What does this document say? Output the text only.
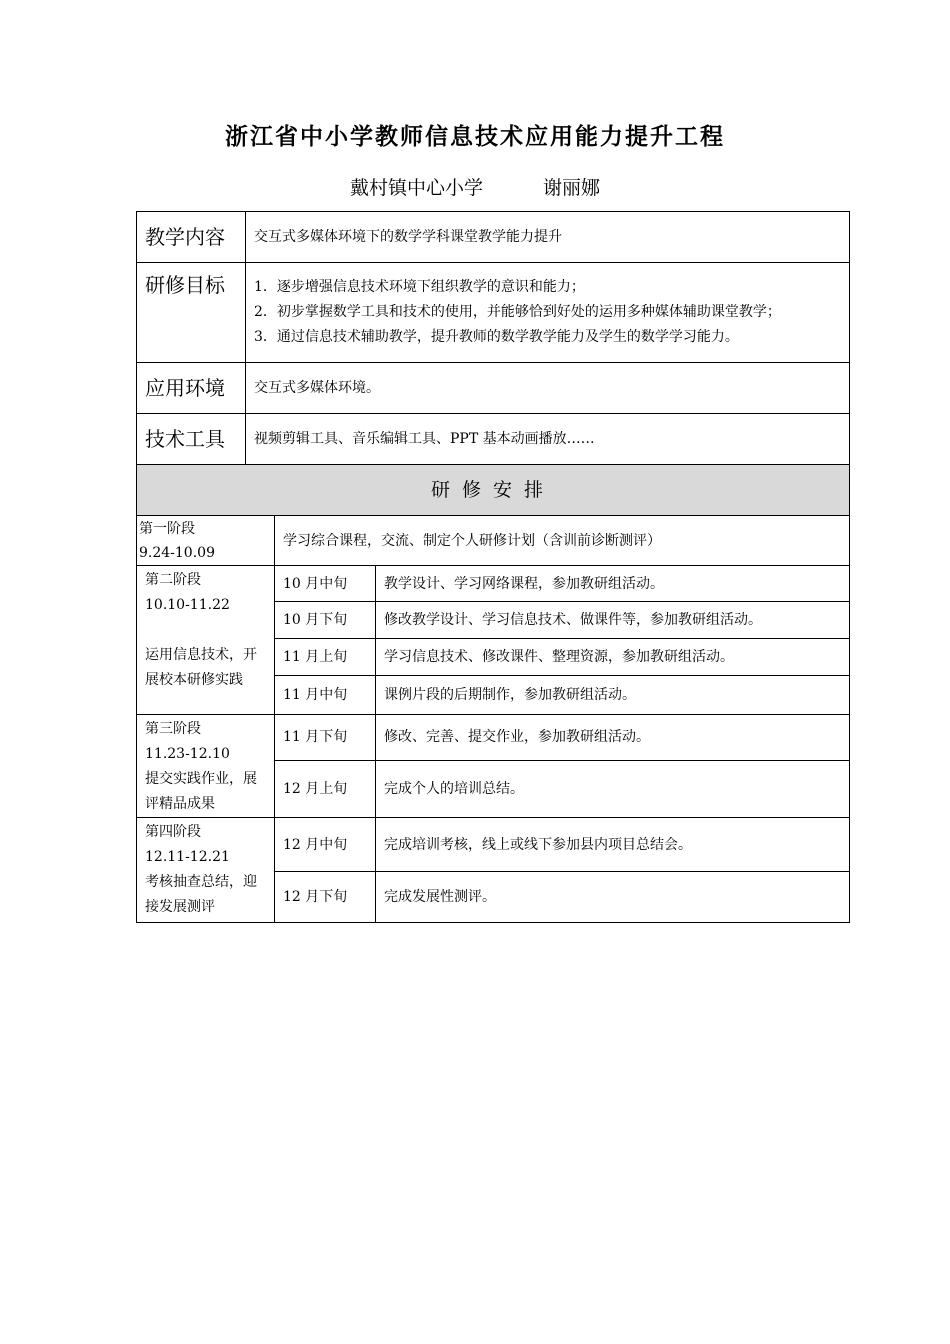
浙江省中小学教师信息技术应用能力提升工程
戴村镇中心小学	谢丽娜
教学内容	交互式多媒体环境下的数学学科课堂教学能力提升
研修目标	1．逐步增强信息技术环境下组织教学的意识和能力；
2．初步掌握数学工具和技术的使用，并能够恰到好处的运用多种媒体辅助课堂教学；
3．通过信息技术辅助教学，提升教师的数学教学能力及学生的数学学习能力。

应用环境	交互式多媒体环境。
技术工具	视频剪辑工具、音乐编辑工具、PPT 基本动画播放……
研修安排	
第一阶段
9.24-10.09	学习综合课程，交流、制定个人研修计划（含训前诊断测评）	

第二阶段
10.10-11.22
运用信息技术，开展校本研修实践	10 月中旬	教学设计、学习网络课程，参加教研组活动。
	10 月下旬	修改教学设计、学习信息技术、做课件等，参加教研组活动。
	11 月上旬	学习信息技术、修改课件、整理资源，参加教研组活动。
	11 月中旬	课例片段的后期制作，参加教研组活动。

第三阶段
11.23-12.10
提交实践作业，展评精品成果	11 月下旬	修改、完善、提交作业，参加教研组活动。
	12 月上旬	完成个人的培训总结。

第四阶段
12.11-12.21
考核抽查总结，迎接发展测评	12 月中旬	完成培训考核，线上或线下参加县内项目总结会。
	12 月下旬	完成发展性测评。
